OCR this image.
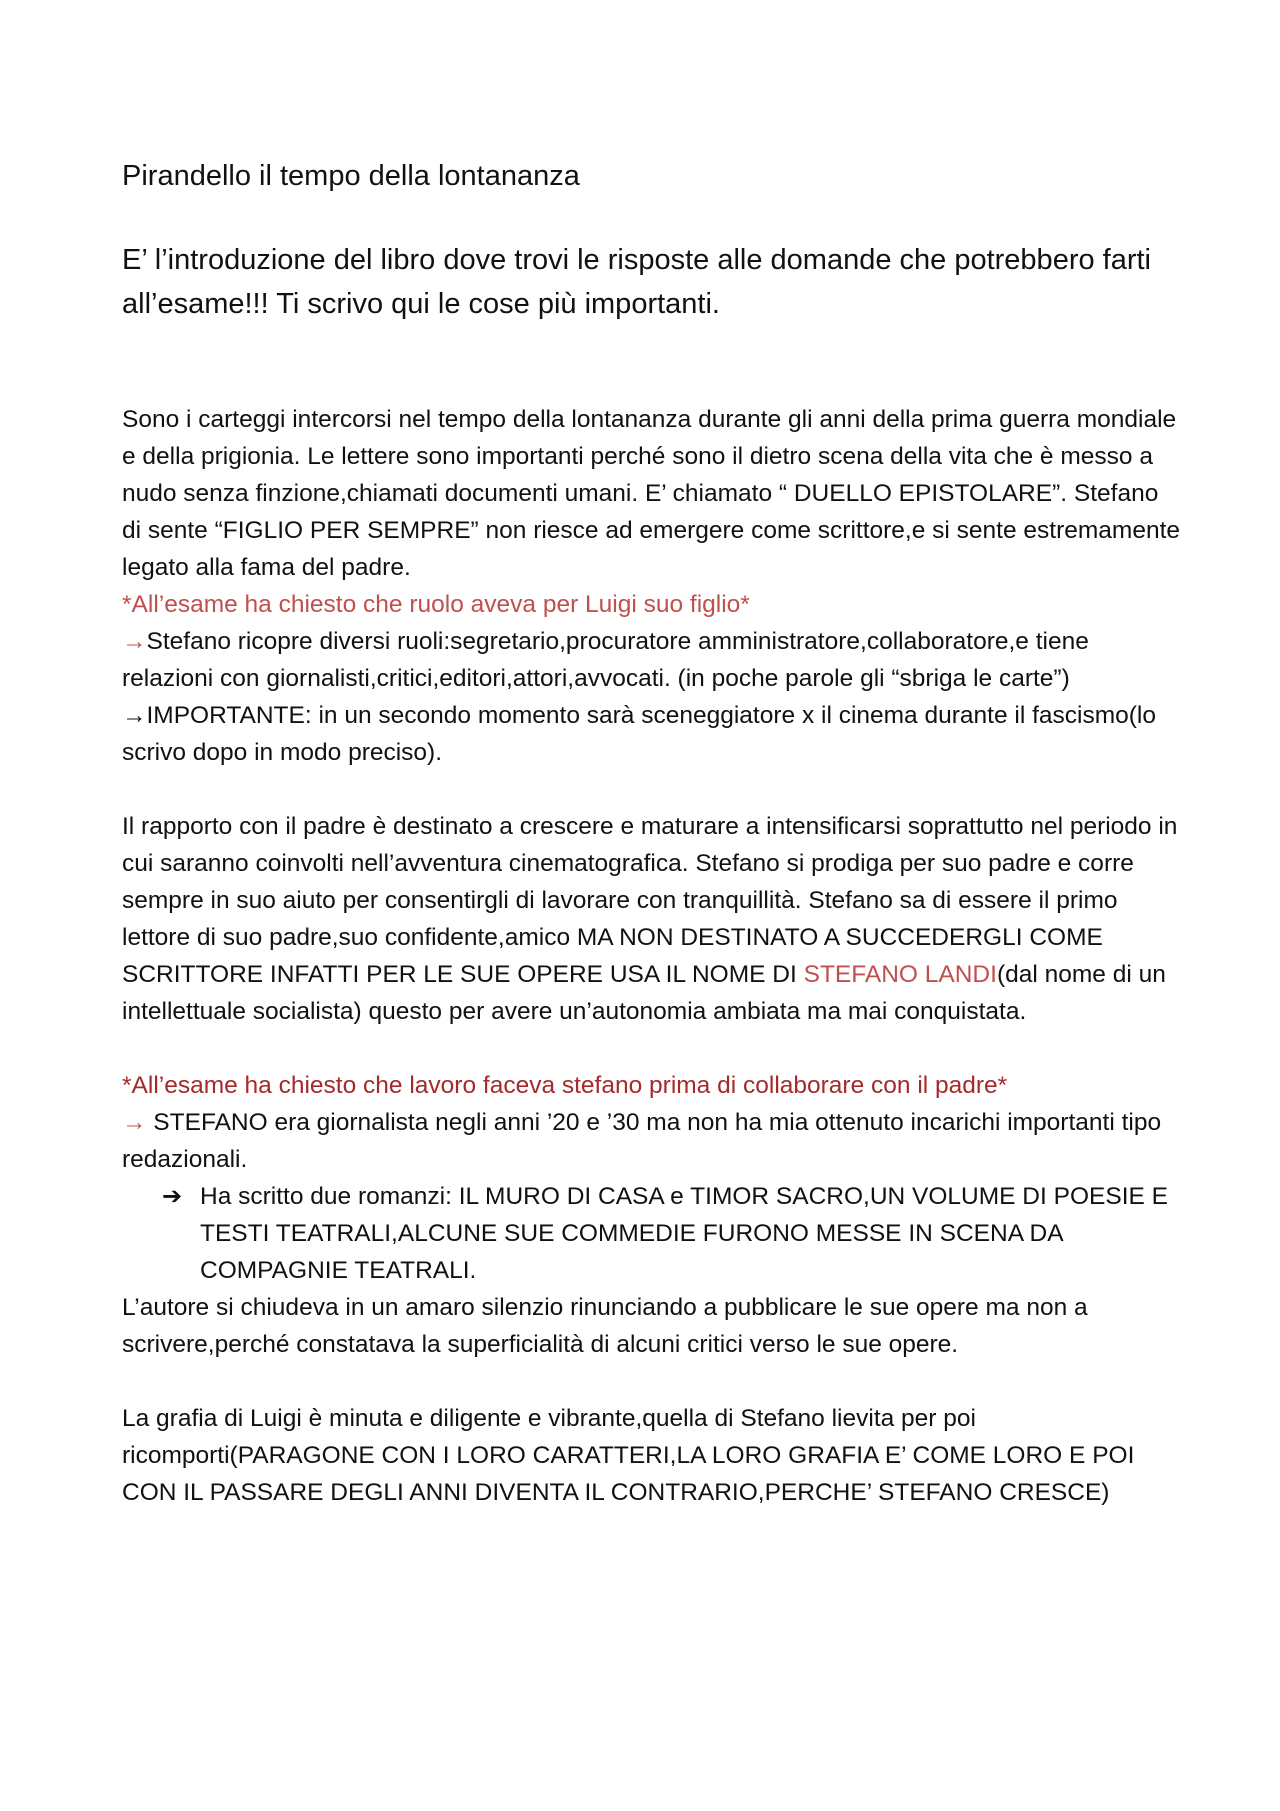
Pirandello il tempo della lontananza

E’ l’introduzione del libro dove trovi le risposte alle domande che potrebbero farti all’esame!!! Ti scrivo qui le cose più importanti.

Sono i carteggi intercorsi nel tempo della lontananza durante gli anni della prima guerra mondiale e della prigionia. Le lettere sono importanti perché sono il dietro scena della vita che è messo a nudo senza finzione,chiamati documenti umani. E’ chiamato “ DUELLO EPISTOLARE”. Stefano di sente “FIGLIO PER SEMPRE” non riesce ad emergere come scrittore,e si sente estremamente legato alla fama del padre.

*All’esame ha chiesto che ruolo aveva per Luigi suo figlio*

→Stefano ricopre diversi ruoli:segretario,procuratore amministratore,collaboratore,e tiene relazioni con giornalisti,critici,editori,attori,avvocati. (in poche parole gli “sbriga le carte”)

→IMPORTANTE: in un secondo momento sarà sceneggiatore x il cinema durante il fascismo(lo scrivo dopo in modo preciso).

Il rapporto con il padre è destinato a crescere e maturare a intensificarsi soprattutto nel periodo in cui saranno coinvolti nell’avventura cinematografica. Stefano si prodiga per suo padre e corre sempre in suo aiuto per consentirgli di lavorare con tranquillità. Stefano sa di essere il primo lettore di suo padre,suo confidente,amico MA NON DESTINATO A SUCCEDERGLI COME SCRITTORE INFATTI PER LE SUE OPERE USA IL NOME DI STEFANO LANDI(dal nome di un intellettuale socialista) questo per avere un’autonomia ambiata ma mai conquistata.

*All’esame ha chiesto che lavoro faceva stefano prima di collaborare con il padre*

→ STEFANO era giornalista negli anni ’20 e ’30 ma non ha mia ottenuto incarichi importanti tipo redazionali.

➔ Ha scritto due romanzi: IL MURO DI CASA e TIMOR SACRO,UN VOLUME DI POESIE E TESTI TEATRALI,ALCUNE SUE COMMEDIE FURONO MESSE IN SCENA DA COMPAGNIE TEATRALI.

L’autore si chiudeva in un amaro silenzio rinunciando a pubblicare le sue opere ma non a scrivere,perché constatava la superficialità di alcuni critici verso le sue opere.

La grafia di Luigi è minuta e diligente e vibrante,quella di Stefano lievita per poi ricomporti(PARAGONE CON I LORO CARATTERI,LA LORO GRAFIA E’ COME LORO E POI CON IL PASSARE DEGLI ANNI DIVENTA IL CONTRARIO,PERCHE’ STEFANO CRESCE)
